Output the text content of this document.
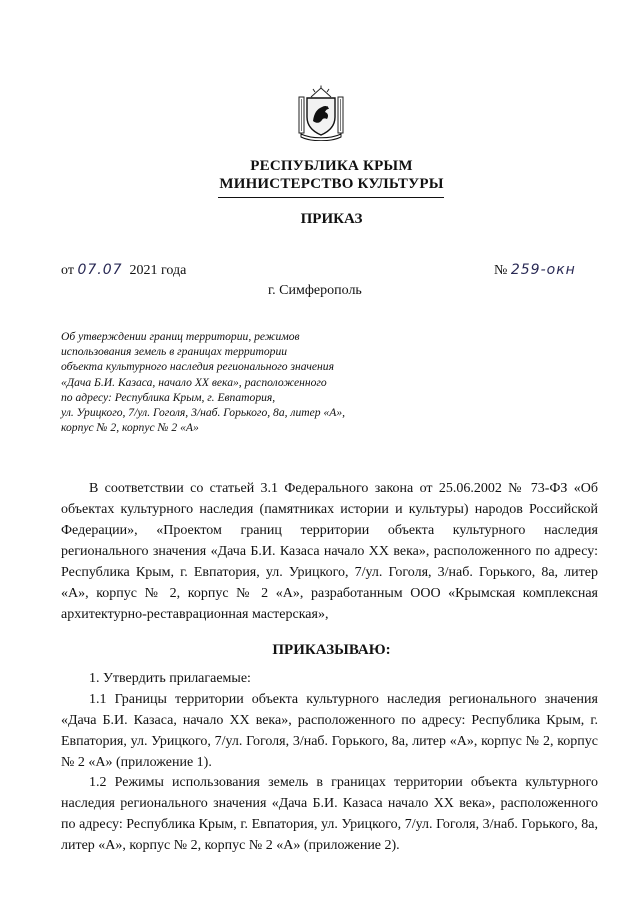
РЕСПУБЛИКА КРЫМ
МИНИСТЕРСТВО КУЛЬТУРЫ
ПРИКАЗ
от 07.07 2021 года	№ 259-окн
г. Симферополь
Об утверждении границ территории, режимов
использования земель в границах территории
объекта культурного наследия регионального значения
«Дача Б.И. Казаса, начало XX века», расположенного
по адресу: Республика Крым, г. Евпатория,
ул. Урицкого, 7/ул. Гоголя, 3/наб. Горького, 8а, литер «А»,
корпус № 2, корпус № 2 «А»
В соответствии со статьей 3.1 Федерального закона от 25.06.2002 № 73-ФЗ «Об объектах культурного наследия (памятниках истории и культуры) народов Российской Федерации», «Проектом границ территории объекта культурного наследия регионального значения «Дача Б.И. Казаса начало XX века», расположенного по адресу: Республика Крым, г. Евпатория, ул. Урицкого, 7/ул. Гоголя, 3/наб. Горького, 8а, литер «А», корпус № 2, корпус № 2 «А», разработанным ООО «Крымская комплексная архитектурно-реставрационная мастерская»,
ПРИКАЗЫВАЮ:
1. Утвердить прилагаемые:
1.1 Границы территории объекта культурного наследия регионального значения «Дача Б.И. Казаса, начало XX века», расположенного по адресу: Республика Крым, г. Евпатория, ул. Урицкого, 7/ул. Гоголя, 3/наб. Горького, 8а, литер «А», корпус № 2, корпус № 2 «А» (приложение 1).
1.2 Режимы использования земель в границах территории объекта культурного наследия регионального значения «Дача Б.И. Казаса начало XX века», расположенного по адресу: Республика Крым, г. Евпатория, ул. Урицкого, 7/ул. Гоголя, 3/наб. Горького, 8а, литер «А», корпус № 2, корпус № 2 «А» (приложение 2).
